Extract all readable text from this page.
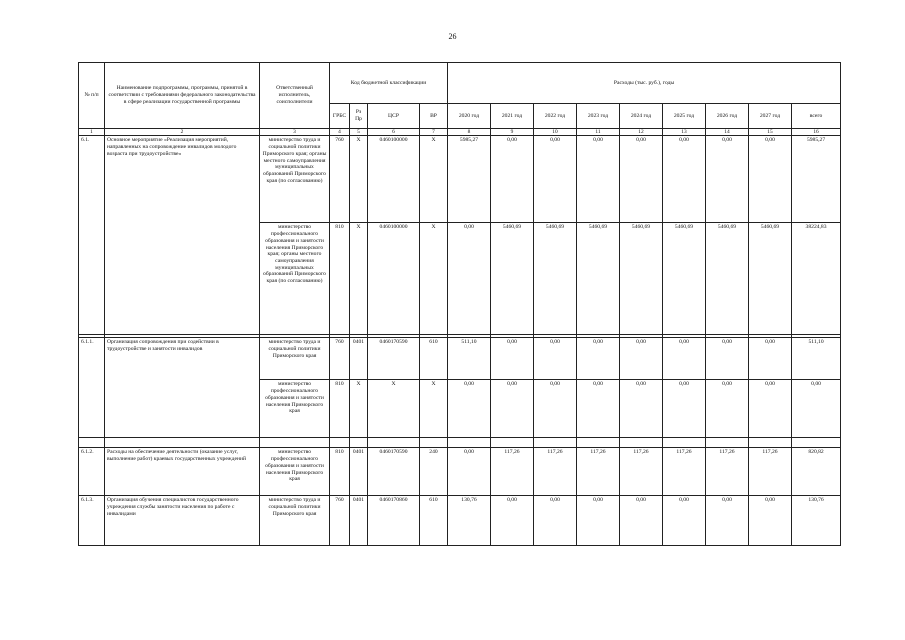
26
№ п/п	Наименование подпрограммы, программы, принятой в соответствии с требованиями федерального законодательства в сфере реализации государственной программы	Ответственный исполнитель, соисполнители	Код бюджетной классификации				Расходы (тыс. руб.), годы								
			ГРБС	Рз Пр	ЦСР	ВР	2020 год	2021 год	2022 год	2023 год	2024 год	2025 год	2026 год	2027 год	всего
1	2	3	4	5	6	7	8	9	10	11	12	13	14	15	16
6.1.	Основное мероприятие «Реализация мероприятий, направленных на сопровождение инвалидов молодого возраста при трудоустройстве»	министерство труда и социальной политики Приморского края; органы местного самоуправления муниципальных образований Приморского края (по согласованию)	760	X	0460100000	X	5985,27	0,00	0,00	0,00	0,00	0,00	0,00	0,00	5985,27
		министерство профессионального образования и занятости населения Приморского края; органы местного самоуправления муниципальных образований Приморского края (по согласованию)	810	X	0460100000	X	0,00	5460,69	5460,69	5460,69	5460,69	5460,69	5460,69	5460,69	38224,83

6.1.1.	Организация сопровождения при содействии в трудоустройстве и занятости инвалидов	министерство труда и социальной политики Приморского края	760	0401	0460170590	610	511,10	0,00	0,00	0,00	0,00	0,00	0,00	0,00	511,10
		министерство профессионального образования и занятости населения Приморского края	810	X	X	X	0,00	0,00	0,00	0,00	0,00	0,00	0,00	0,00	0,00

6.1.2.	Расходы на обеспечение деятельности (оказание услуг, выполнение работ) краевых государственных учреждений	министерство профессионального образования и занятости населения Приморского края	810	0401	0460170590	240	0,00	117,26	117,26	117,26	117,26	117,26	117,26	117,26	820,82
6.1.3.	Организация обучения специалистов государственного учреждения службы занятости населения по работе с инвалидами	министерство труда и социальной политики Приморского края	760	0401	0460170860	610	130,76	0,00	0,00	0,00	0,00	0,00	0,00	0,00	130,76
